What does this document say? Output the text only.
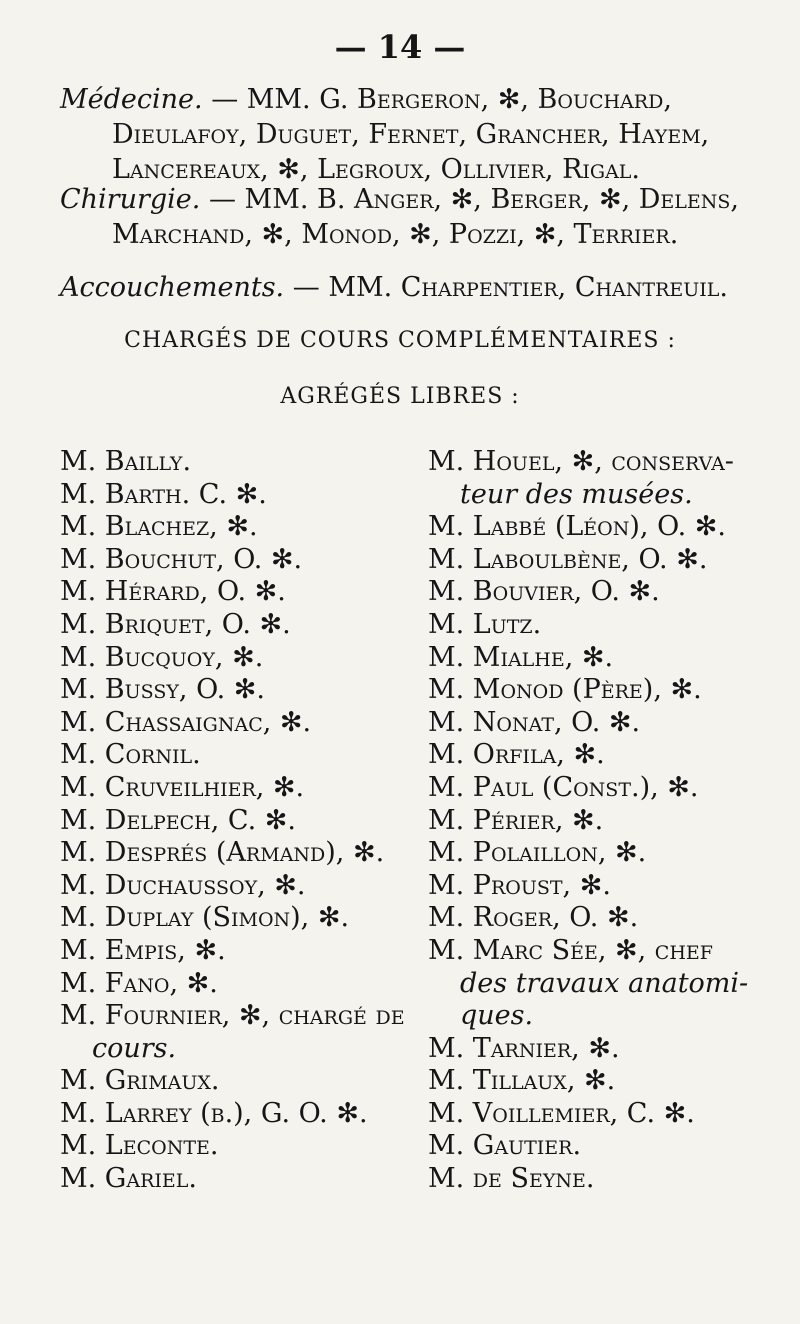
— 14 —
Médecine. — MM. G. Bergeron, ✻, Bouchard,
Dieulafoy, Duguet, Fernet, Grancher, Hayem,
Lancereaux, ✻, Legroux, Ollivier, Rigal.
Chirurgie. — MM. B. Anger, ✻, Berger, ✻, Delens,
Marchand, ✻, Monod, ✻, Pozzi, ✻, Terrier.
Accouchements. — MM. Charpentier, Chantreuil.
CHARGÉS DE COURS COMPLÉMENTAIRES :
AGRÉGÉS LIBRES :
M. Bailly.
M. Barth. C. ✻.
M. Blachez, ✻.
M. Bouchut, O. ✻.
M. Hérard, O. ✻.
M. Briquet, O. ✻.
M. Bucquoy, ✻.
M. Bussy, O. ✻.
M. Chassaignac, ✻.
M. Cornil.
M. Cruveilhier, ✻.
M. Delpech, C. ✻.
M. Després (Armand), ✻.
M. Duchaussoy, ✻.
M. Duplay (Simon), ✻.
M. Empis, ✻.
M. Fano, ✻.
M. Fournier, ✻, chargé de
cours.
M. Grimaux.
M. Larrey (b.), G. O. ✻.
M. Leconte.
M. Gariel.
M. Houel, ✻, conserva-
teur des musées.
M. Labbé (Léon), O. ✻.
M. Laboulbène, O. ✻.
M. Bouvier, O. ✻.
M. Lutz.
M. Mialhe, ✻.
M. Monod (Père), ✻.
M. Nonat, O. ✻.
M. Orfila, ✻.
M. Paul (Const.), ✻.
M. Périer, ✻.
M. Polaillon, ✻.
M. Proust, ✻.
M. Roger, O. ✻.
M. Marc Sée, ✻, chef
des travaux anatomi-
ques.
M. Tarnier, ✻.
M. Tillaux, ✻.
M. Voillemier, C. ✻.
M. Gautier.
M. de Seyne.
